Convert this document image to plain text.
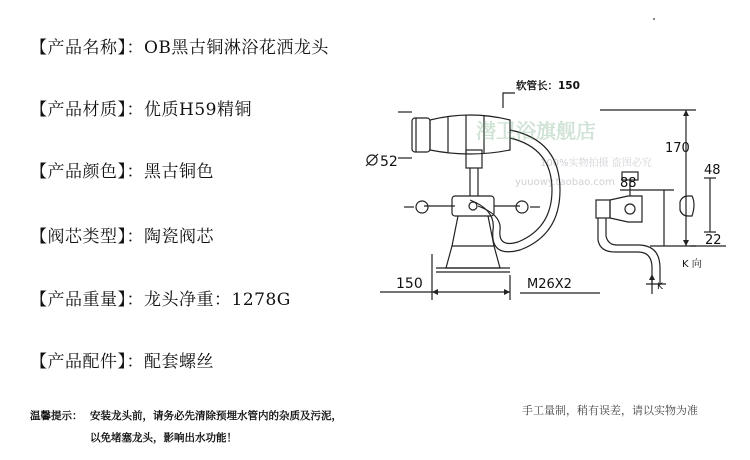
【产品名称】：OB黑古铜淋浴花洒龙头
【产品材质】：优质H59精铜
【产品颜色】：黑古铜色
【阀芯类型】：陶瓷阀芯
【产品重量】：龙头净重：1278G
【产品配件】：配套螺丝
温馨提示： 安装龙头前，请务必先清除预埋水管内的杂质及污泥，
以免堵塞龙头，影响出水功能！
手工量制，稍有误差，请以实物为准
软管长：150
52
150	M26X2
170
88
48
22
K 向
K
潜卫浴旗舰店
100%实物拍摄 盗图必究
yuuowy.taobao.com
